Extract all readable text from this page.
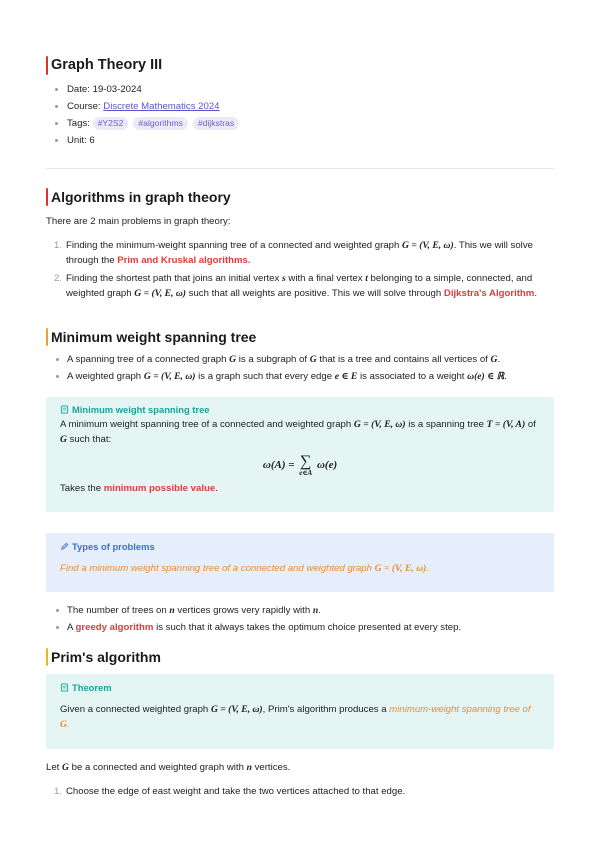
Graph Theory III
Date: 19-03-2024
Course: Discrete Mathematics 2024
Tags: #Y2S2 #algorithms #dijkstras
Unit: 6
Algorithms in graph theory
There are 2 main problems in graph theory:
1. Finding the minimum-weight spanning tree of a connected and weighted graph G = (V, E, ω). This we will solve through the Prim and Kruskal algorithms.
2. Finding the shortest path that joins an initial vertex s with a final vertex t belonging to a simple, connected, and weighted graph G = (V, E, ω) such that all weights are positive. This we will solve through Dijkstra's Algorithm.
Minimum weight spanning tree
A spanning tree of a connected graph G is a subgraph of G that is a tree and contains all vertices of G.
A weighted graph G = (V, E, ω) is a graph such that every edge e ∈ E is associated to a weight ω(e) ∈ ℝ.
Minimum weight spanning tree
A minimum weight spanning tree of a connected and weighted graph G = (V, E, ω) is a spanning tree T = (V, A) of G such that:
ω(A) = ∑
e∈A
ω(e)
Takes the minimum possible value.
Types of problems
Find a minimum weight spanning tree of a connected and weighted graph G = (V, E, ω).
The number of trees on n vertices grows very rapidly with n.
A greedy algorithm is such that it always takes the optimum choice presented at every step.
Prim's algorithm
Theorem
Given a connected weighted graph G = (V, E, ω), Prim's algorithm produces a minimum-weight spanning tree of G.
Let G be a connected and weighted graph with n vertices.
1. Choose the edge of east weight and take the two vertices attached to that edge.
